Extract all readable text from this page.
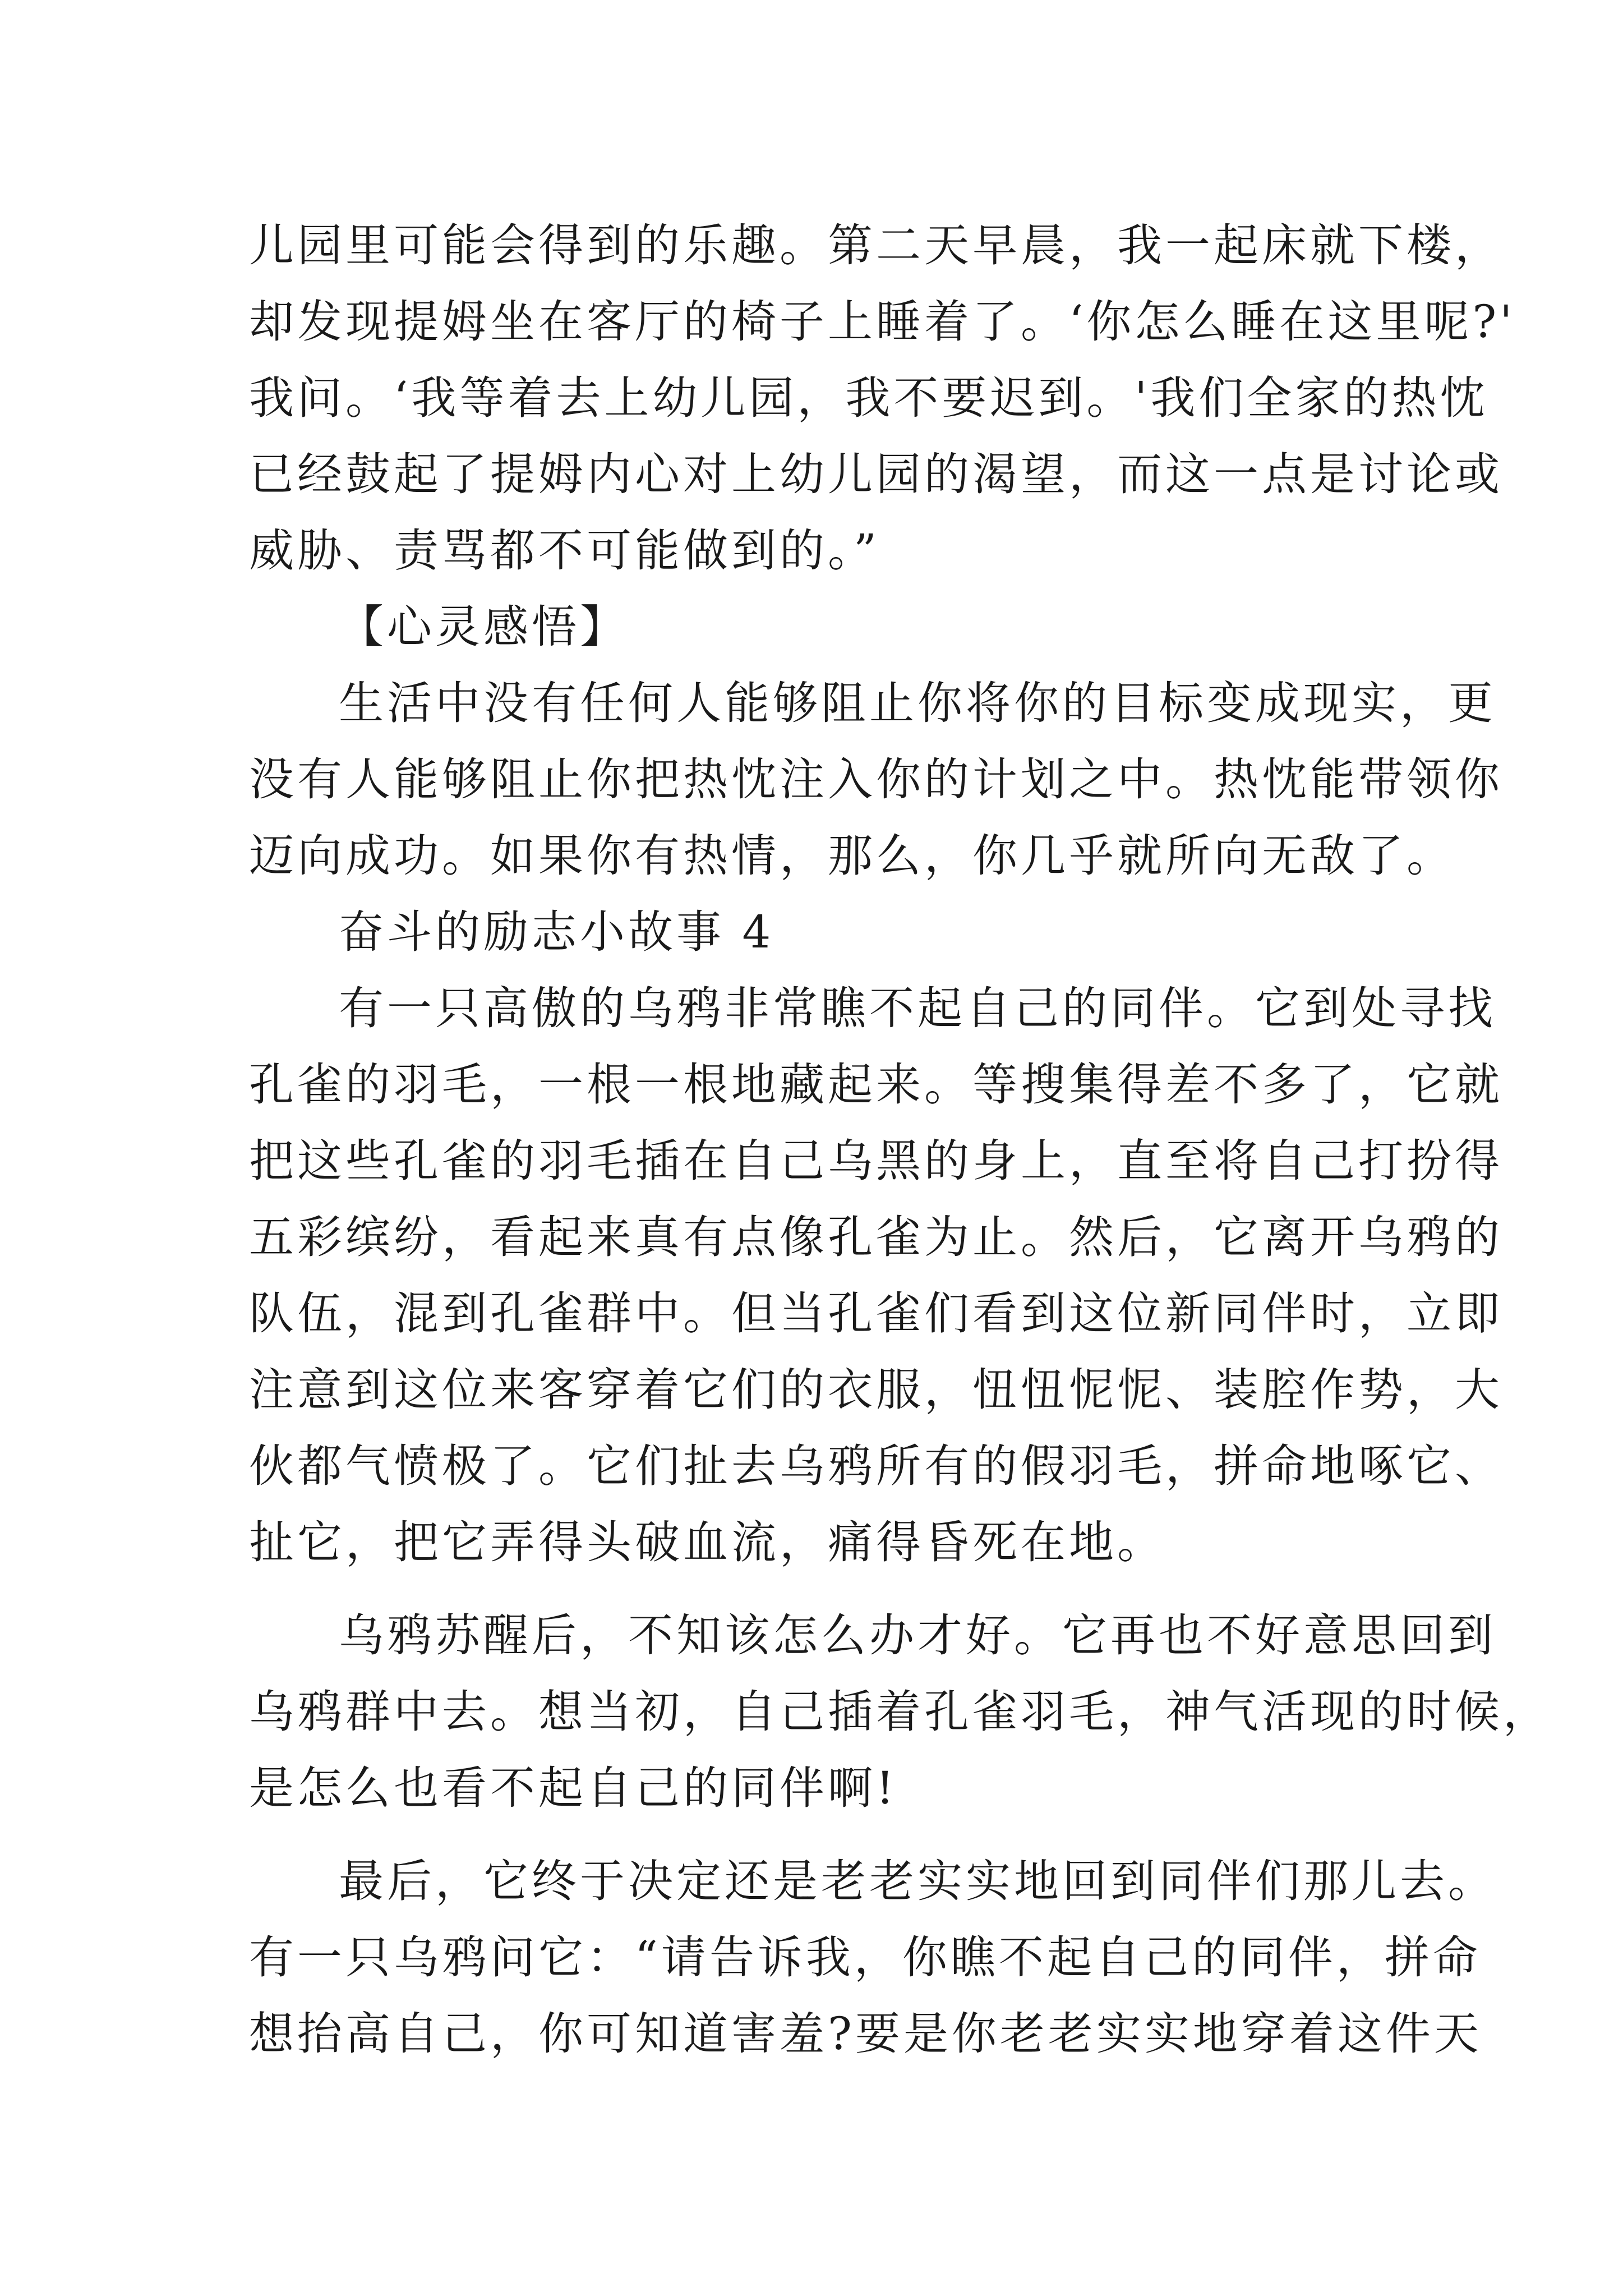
儿园里可能会得到的乐趣。第二天早晨，我一起床就下楼，
却发现提姆坐在客厅的椅子上睡着了。‘你怎么睡在这里呢?'
我问。‘我等着去上幼儿园，我不要迟到。'我们全家的热忱
已经鼓起了提姆内心对上幼儿园的渴望，而这一点是讨论或
威胁、责骂都不可能做到的。”
【心灵感悟】
生活中没有任何人能够阻止你将你的目标变成现实，更
没有人能够阻止你把热忱注入你的计划之中。热忱能带领你
迈向成功。如果你有热情，那么，你几乎就所向无敌了。
奋斗的励志小故事 4
有一只高傲的乌鸦非常瞧不起自己的同伴。它到处寻找
孔雀的羽毛，一根一根地藏起来。等搜集得差不多了，它就
把这些孔雀的羽毛插在自己乌黑的身上，直至将自己打扮得
五彩缤纷，看起来真有点像孔雀为止。然后，它离开乌鸦的
队伍，混到孔雀群中。但当孔雀们看到这位新同伴时，立即
注意到这位来客穿着它们的衣服，忸忸怩怩、装腔作势，大
伙都气愤极了。它们扯去乌鸦所有的假羽毛，拼命地啄它、
扯它，把它弄得头破血流，痛得昏死在地。
乌鸦苏醒后，不知该怎么办才好。它再也不好意思回到
乌鸦群中去。想当初，自己插着孔雀羽毛，神气活现的时候，
是怎么也看不起自己的同伴啊!
最后，它终于决定还是老老实实地回到同伴们那儿去。
有一只乌鸦问它：“请告诉我，你瞧不起自己的同伴，拼命
想抬高自己，你可知道害羞?要是你老老实实地穿着这件天
